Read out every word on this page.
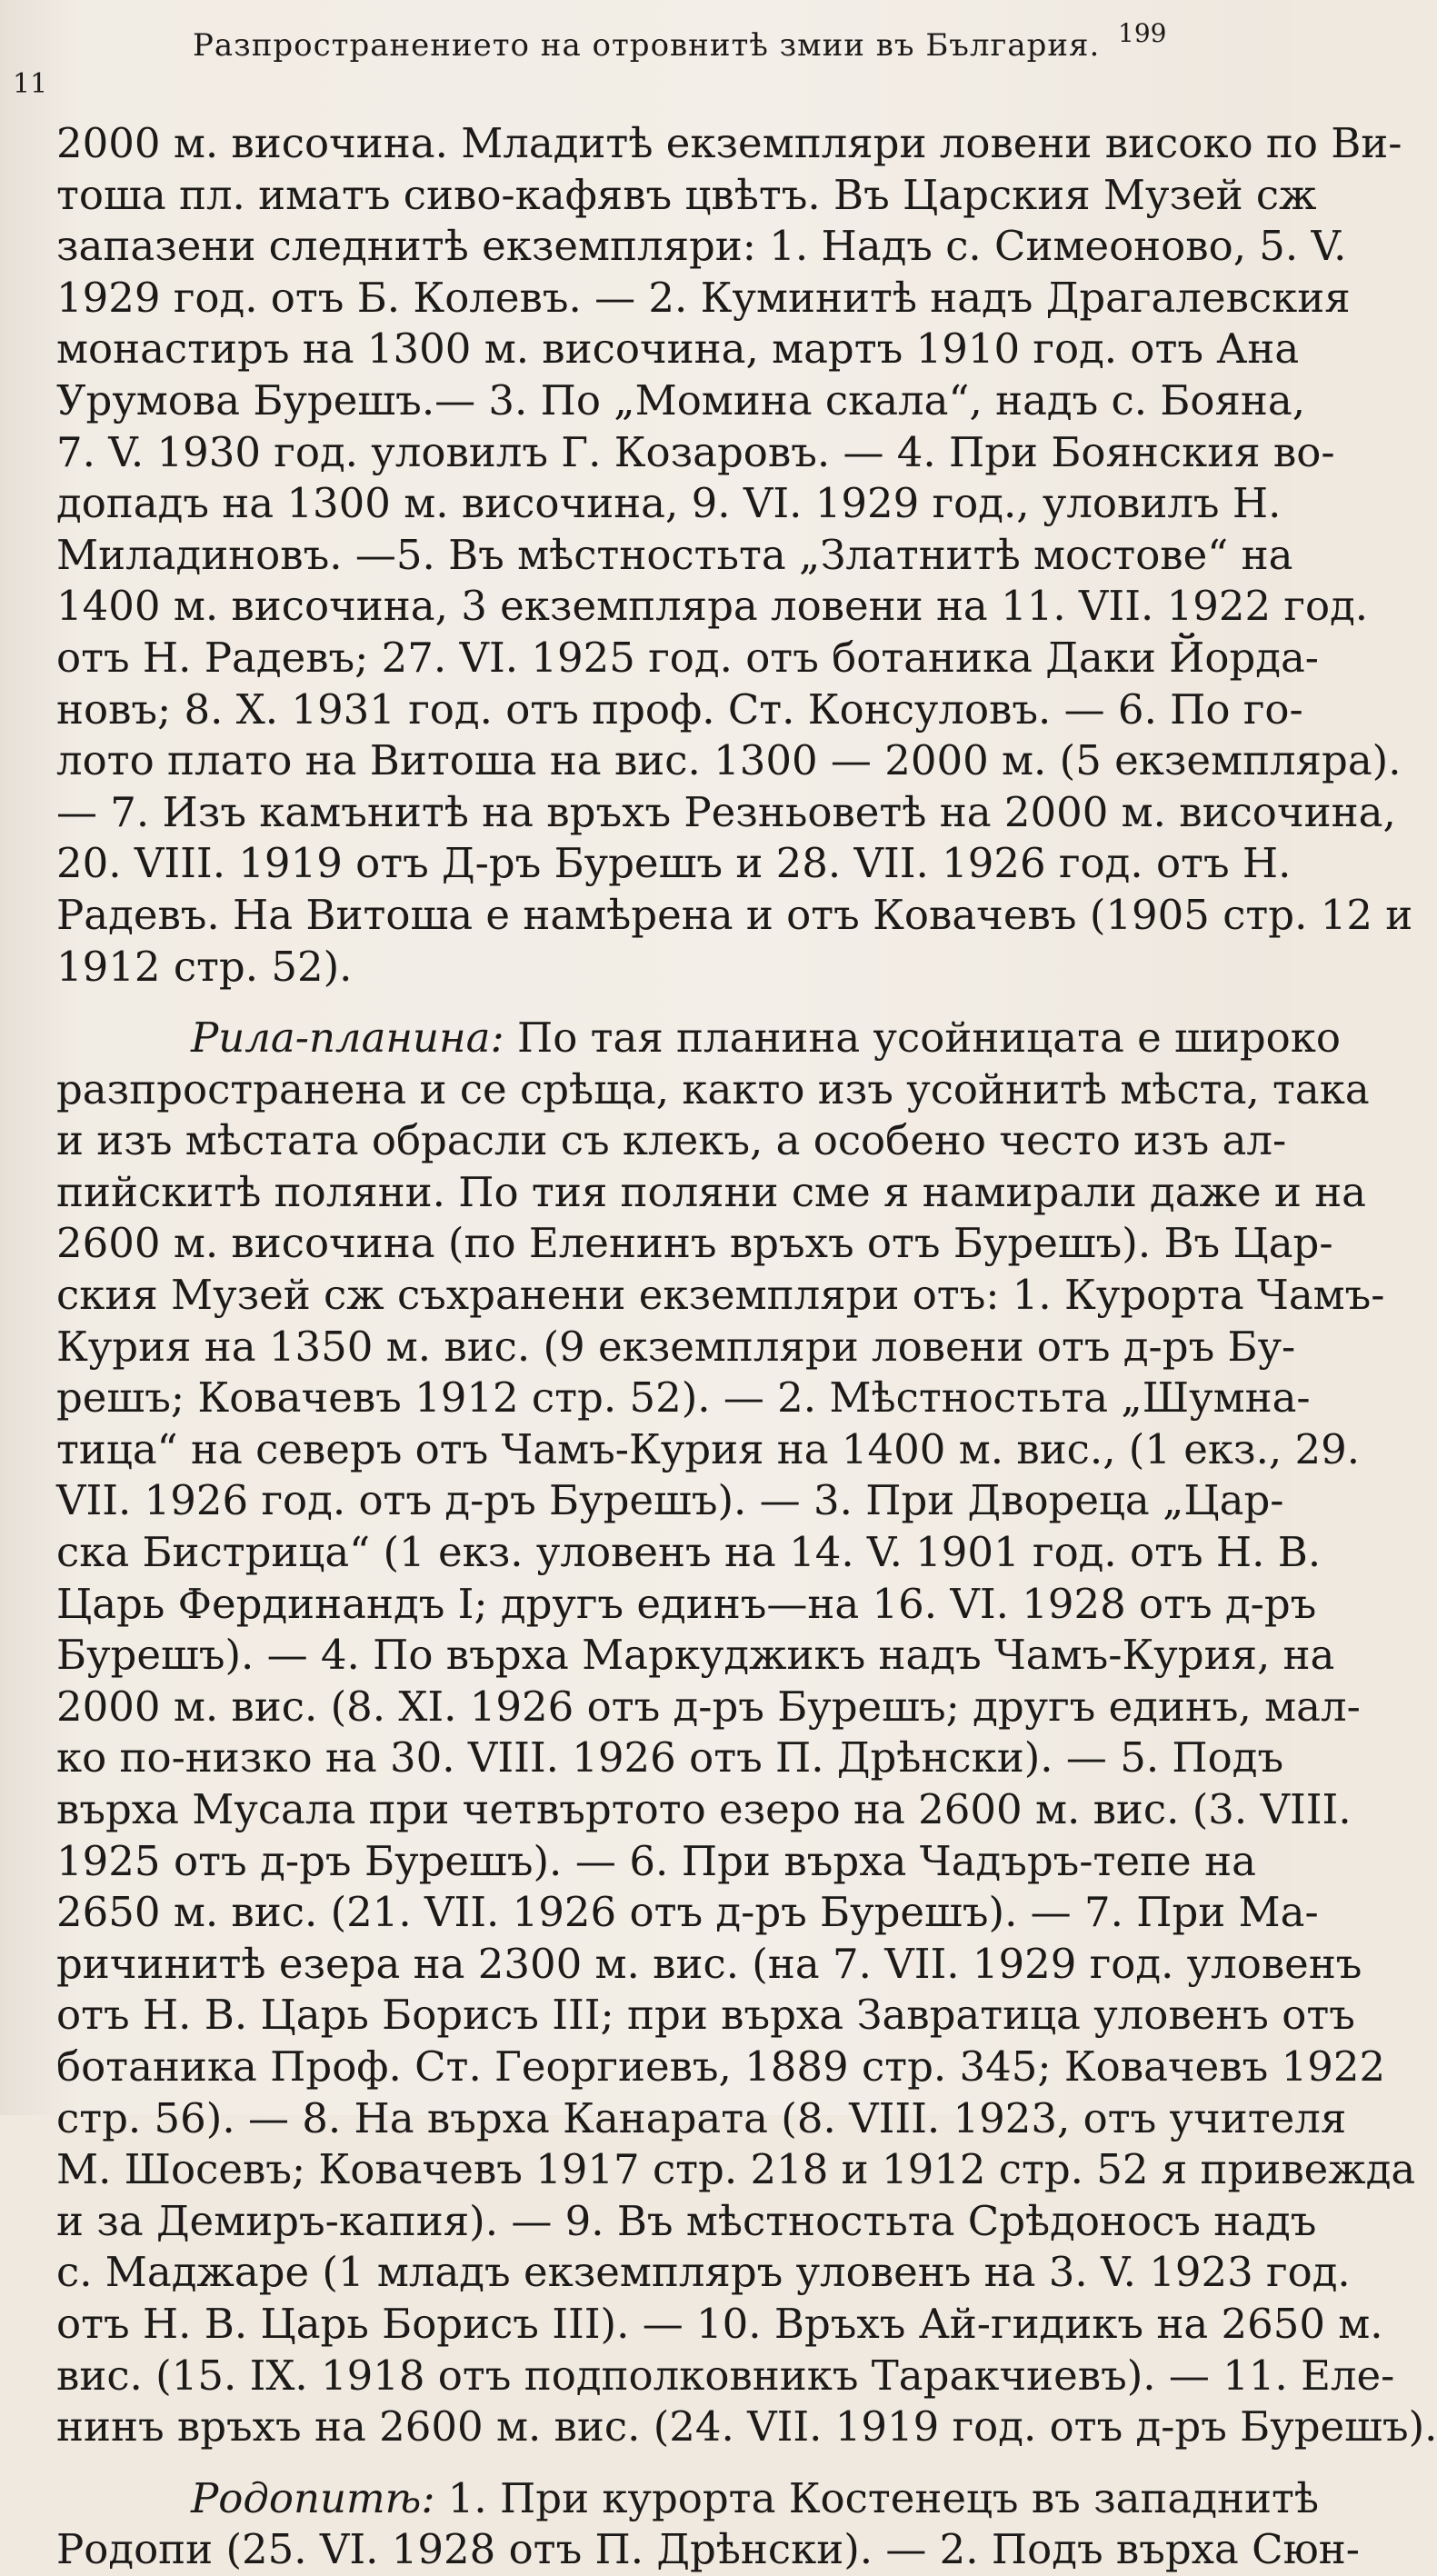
11
Разпространението на отровнитѣ змии въ България. 199
2000 м. височина. Младитѣ екземпляри ловени високо по Ви-
тоша пл. иматъ сиво-кафявъ цвѣтъ. Въ Царския Музей сж
запазени следнитѣ екземпляри: 1. Надъ с. Симеоново, 5. V.
1929 год. отъ Б. Колевъ. — 2. Куминитѣ надъ Драгалевския
монастиръ на 1300 м. височина, мартъ 1910 год. отъ Ана
Урумова Бурешъ.— 3. По „Момина скала“, надъ с. Бояна,
7. V. 1930 год. уловилъ Г. Козаровъ. — 4. При Боянския во-
допадъ на 1300 м. височина, 9. VI. 1929 год., уловилъ Н.
Миладиновъ. —5. Въ мѣстностьта „Златнитѣ мостове“ на
1400 м. височина, 3 екземпляра ловени на 11. VII. 1922 год.
отъ Н. Радевъ; 27. VI. 1925 год. отъ ботаника Даки Йорда-
новъ; 8. X. 1931 год. отъ проф. Ст. Консуловъ. — 6. По го-
лото плато на Витоша на вис. 1300 — 2000 м. (5 екземпляра).
— 7. Изъ камънитѣ на връхъ Резньоветѣ на 2000 м. височина,
20. VIII. 1919 отъ Д-ръ Бурешъ и 28. VII. 1926 год. отъ Н.
Радевъ. На Витоша е намѣрена и отъ Ковачевъ (1905 стр. 12 и
1912 стр. 52).
Рила-планина: По тая планина усойницата е широко
разпространена и се срѣща, както изъ усойнитѣ мѣста, така
и изъ мѣстата обрасли съ клекъ, а особено често изъ ал-
пийскитѣ поляни. По тия поляни сме я намирали даже и на
2600 м. височина (по Еленинъ връхъ отъ Бурешъ). Въ Цар-
ския Музей сж съхранени екземпляри отъ: 1. Курорта Чамъ-
Курия на 1350 м. вис. (9 екземпляри ловени отъ д-ръ Бу-
решъ; Ковачевъ 1912 стр. 52). — 2. Мѣстностьта „Шумна-
тица“ на северъ отъ Чамъ-Курия на 1400 м. вис., (1 екз., 29.
VII. 1926 год. отъ д-ръ Бурешъ). — 3. При Двореца „Цар-
ска Бистрица“ (1 екз. уловенъ на 14. V. 1901 год. отъ Н. В.
Царь Фердинандъ I; другъ единъ—на 16. VI. 1928 отъ д-ръ
Бурешъ). — 4. По върха Маркуджикъ надъ Чамъ-Курия, на
2000 м. вис. (8. XI. 1926 отъ д-ръ Бурешъ; другъ единъ, мал-
ко по-низко на 30. VIII. 1926 отъ П. Дрѣнски). — 5. Подъ
върха Мусала при четвъртото езеро на 2600 м. вис. (3. VIII.
1925 отъ д-ръ Бурешъ). — 6. При върха Чадъръ-тепе на
2650 м. вис. (21. VII. 1926 отъ д-ръ Бурешъ). — 7. При Ма-
ричинитѣ езера на 2300 м. вис. (на 7. VII. 1929 год. уловенъ
отъ Н. В. Царь Борисъ III; при върха Завратица уловенъ отъ
ботаника Проф. Ст. Георгиевъ, 1889 стр. 345; Ковачевъ 1922
стр. 56). — 8. На върха Канарата (8. VIII. 1923, отъ учителя
М. Шосевъ; Ковачевъ 1917 стр. 218 и 1912 стр. 52 я привежда
и за Демиръ-капия). — 9. Въ мѣстностьта Срѣдоносъ надъ
с. Маджаре (1 младъ екземпляръ уловенъ на 3. V. 1923 год.
отъ Н. В. Царь Борисъ III). — 10. Връхъ Ай-гидикъ на 2650 м.
вис. (15. IX. 1918 отъ подполковникъ Таракчиевъ). — 11. Еле-
нинъ връхъ на 2600 м. вис. (24. VII. 1919 год. отъ д-ръ Бурешъ).
Родопитѣ: 1. При курорта Костенецъ въ западнитѣ
Родопи (25. VI. 1928 отъ П. Дрѣнски). — 2. Подъ върха Сюн-
